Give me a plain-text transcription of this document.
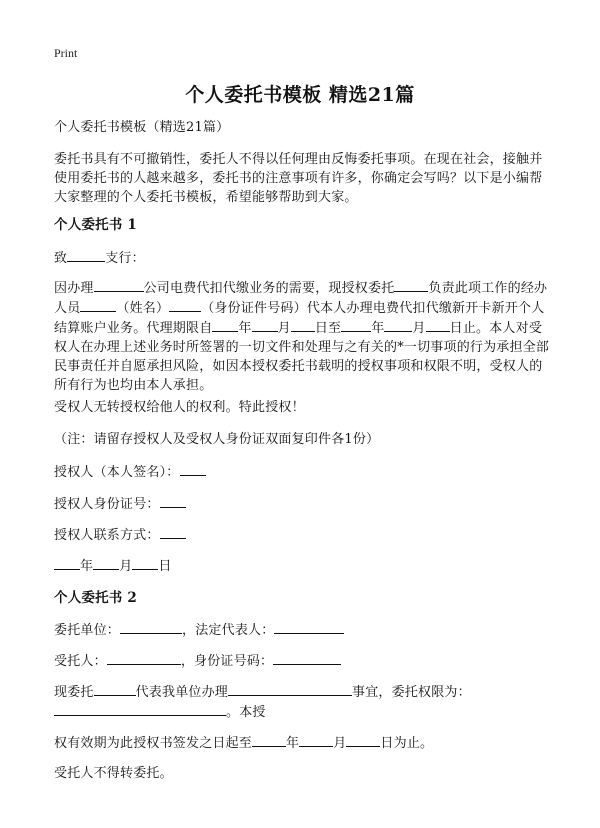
Print
个人委托书模板 精选21篇

个人委托书模板（精选21篇）

委托书具有不可撤销性，委托人不得以任何理由反悔委托事项。在现在社会，接触并使用委托书的人越来越多，委托书的注意事项有许多，你确定会写吗？以下是小编帮大家整理的个人委托书模板，希望能够帮助到大家。

个人委托书 1

致	支行：

因办理	公司电费代扣代缴业务的需要，现授权委托	负责此项工作的经办人员	（姓名） （身份证件号码）代本人办理电费代扣代缴新开卡新开个人结算账户业务。代理期限自 年 月 日至 年 月 日止。本人对受权人在办理上述业务时所签署的一切文件和处理与之有关的*一切事项的行为承担全部民事责任并自愿承担风险，如因本授权委托书载明的授权事项和权限不明，受权人的所有行为也均由本人承担。

受权人无转授权给他人的权利。特此授权！

（注：请留存授权人及受权人身份证双面复印件各1份）

授权人（本人签名）：

授权人身份证号：

授权人联系方式：

年 月 日

个人委托书 2

委托单位：	，法定代表人：

受托人：	，身份证号码：

现委托	代表我单位办理	事宜，委托权限为：
。本授

权有效期为此授权书签发之日起至	年	月	日为止。

受托人不得转委托。
